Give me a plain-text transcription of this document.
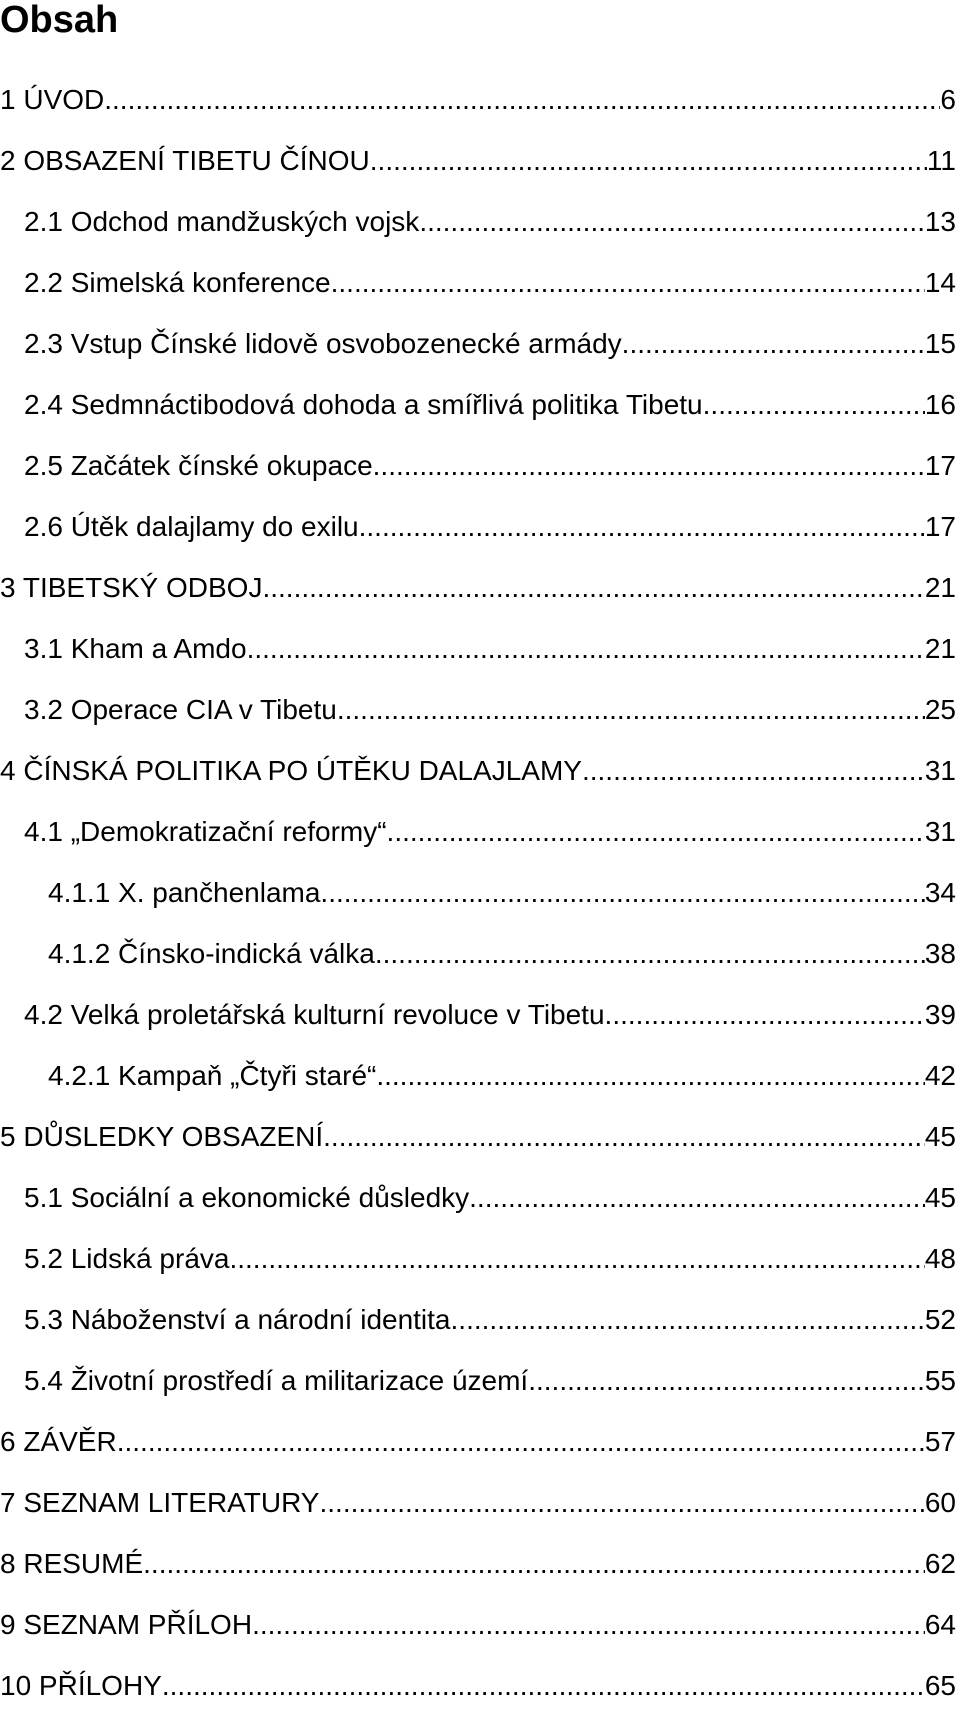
Obsah
1 ÚVOD .....	6
2 OBSAZENÍ TIBETU ČÍNOU .....	11
2.1 Odchod mandžuských vojsk .....	13
2.2 Simelská konference .....	14
2.3 Vstup Čínské lidově osvobozenecké armády .....	15
2.4 Sedmnáctibodová dohoda a smířlivá politika Tibetu .....	16
2.5 Začátek čínské okupace .....	17
2.6 Útěk dalajlamy do exilu .....	17
3 TIBETSKÝ ODBOJ .....	21
3.1 Kham a Amdo .....	21
3.2 Operace CIA v Tibetu .....	25
4 ČÍNSKÁ POLITIKA PO ÚTĚKU DALAJLAMY .....	31
4.1 „Demokratizační reformy“ .....	31
4.1.1 X. pančhenlama .....	34
4.1.2 Čínsko-indická válka .....	38
4.2 Velká proletářská kulturní revoluce v Tibetu .....	39
4.2.1 Kampaň „Čtyři staré“ .....	42
5 DŮSLEDKY OBSAZENÍ .....	45
5.1 Sociální a ekonomické důsledky .....	45
5.2 Lidská práva .....	48
5.3 Náboženství a národní identita .....	52
5.4 Životní prostředí a militarizace území .....	55
6 ZÁVĚR .....	57
7 SEZNAM LITERATURY .....	60
8 RESUMÉ .....	62
9 SEZNAM PŘÍLOH .....	64
10 PŘÍLOHY .....	65
